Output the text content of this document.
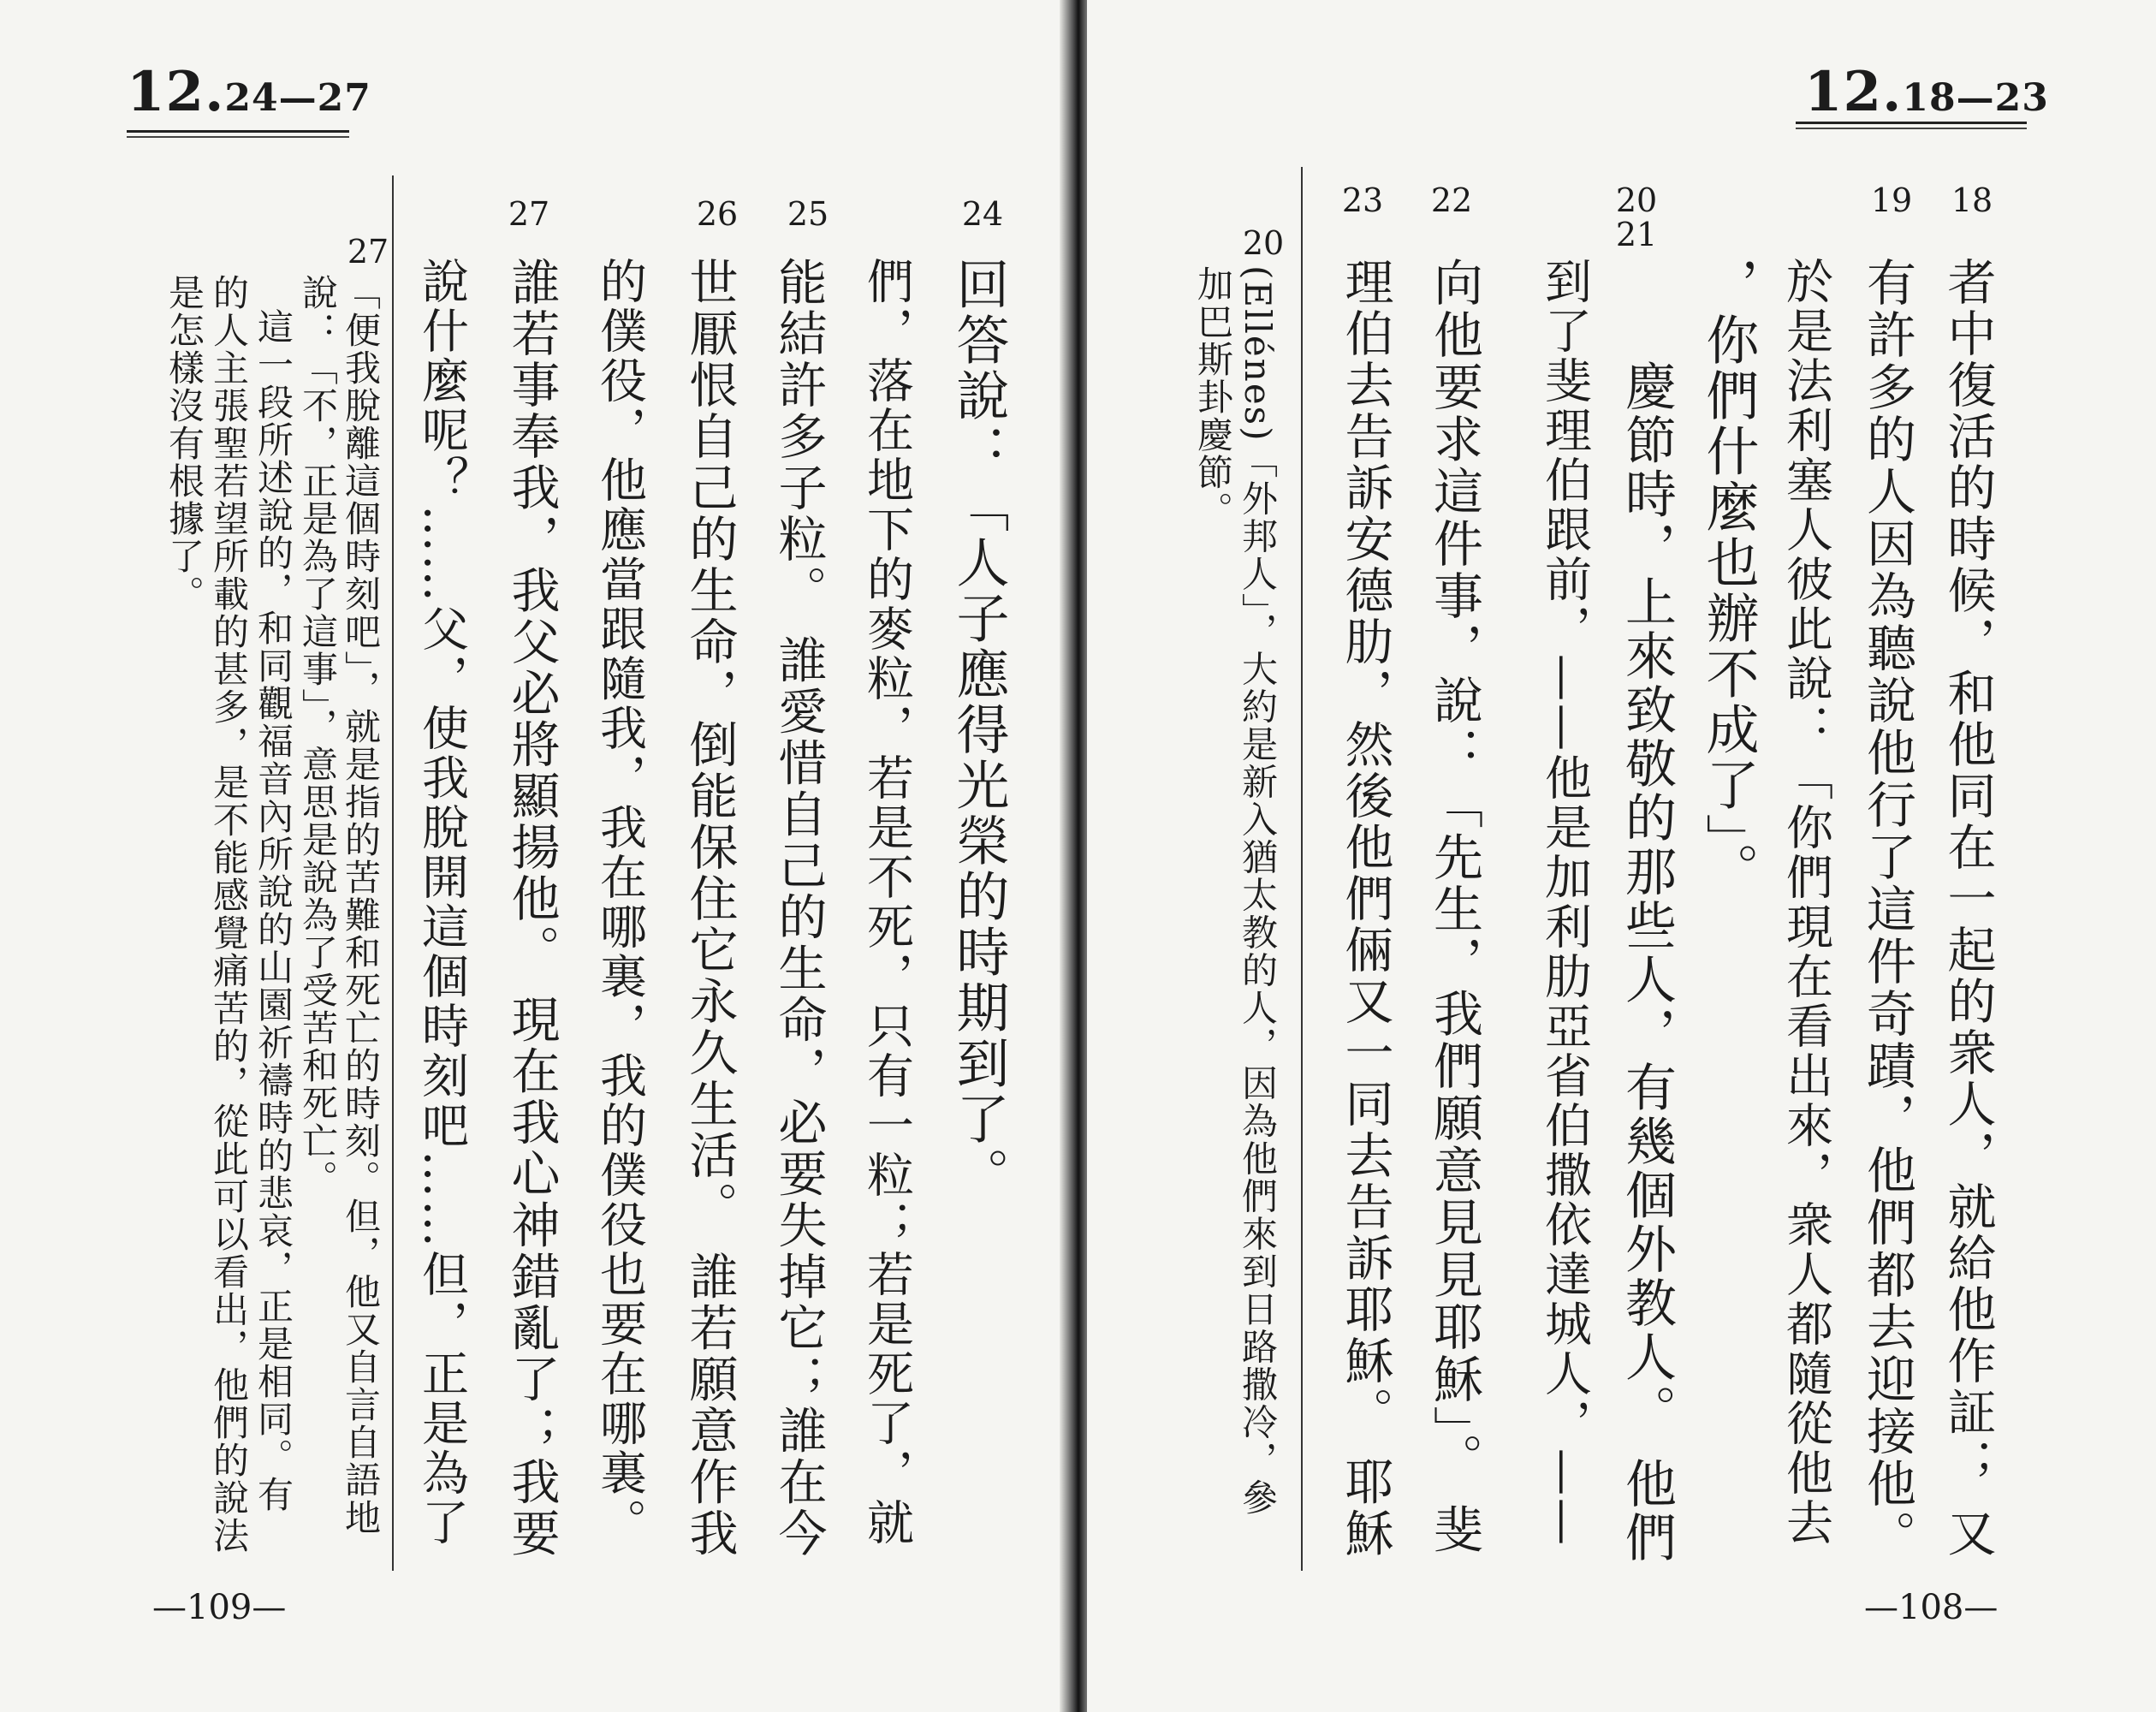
12.24—27
24
25
26
27
27
回答說：「人子應得光榮的時期到了。
們，落在地下的麥粒，若是不死，只有一粒；若是死了，就
能結許多子粒。 誰愛惜自己的生命，必要失掉它；誰在今
世厭恨自己的生命，倒能保住它永久生活。 誰若願意作我
的僕役，他應當跟隨我，我在哪裏，我的僕役也要在哪裏。
誰若事奉我，我父必將顯揚他。 現在我心神錯亂了；我要
說什麼呢？……父，使我脫開這個時刻吧……但，正是為了
「便我脫離這個時刻吧」，就是指的苦難和死亡的時刻。但，他又自言自語地
說：「不，正是為了這事」，意思是說為了受苦和死亡。
這一段所述說的，和同觀福音內所說的山園祈禱時的悲哀，正是相同。有
的人主張聖若望所載的甚多，是不能感覺痛苦的，從此可以看出，他們的說法
是怎樣沒有根據了。
—109—
12.18—23
18
19
20
21
22
23
20
者中復活的時候，和他同在一起的衆人，就給他作証； 又
有許多的人因為聽說他行了這件奇蹟，他們都去迎接他。
於是法利塞人彼此說：「你們現在看出來，衆人都隨從他去
，你們什麼也辦不成了」。
慶節時，上來致敬的那些人，有幾個外教人。 他們
到了斐理伯跟前，——他是加利肋亞省伯撒依達城人，——
向他要求這件事，說：「先生，我們願意見見耶穌」。 斐
理伯去告訴安德肋，然後他們倆又一同去告訴耶穌。 耶穌
(Ellénes)「外邦人」，大約是新入猶太教的人，因為他們來到日路撒冷，參
加巴斯卦慶節。
—108—
